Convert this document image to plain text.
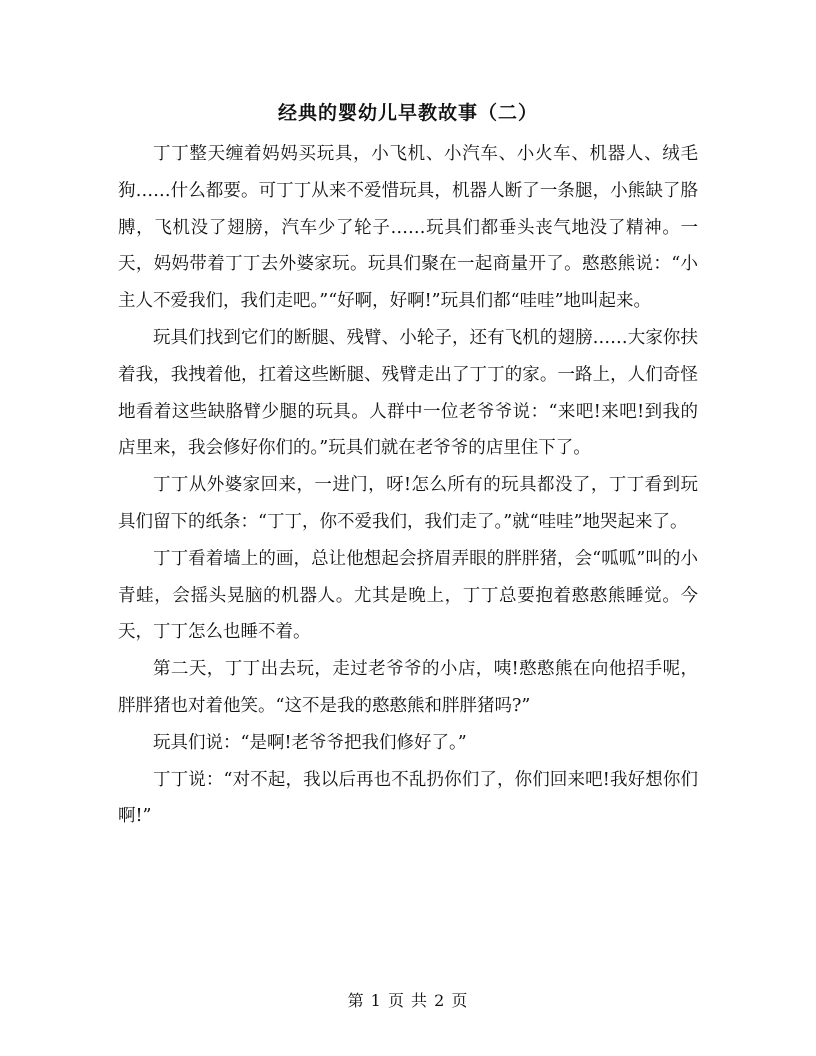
经典的婴幼儿早教故事（二）

丁丁整天缠着妈妈买玩具，小飞机、小汽车、小火车、机器人、绒毛狗……什么都要。可丁丁从来不爱惜玩具，机器人断了一条腿，小熊缺了胳膊，飞机没了翅膀，汽车少了轮子……玩具们都垂头丧气地没了精神。一天，妈妈带着丁丁去外婆家玩。玩具们聚在一起商量开了。憨憨熊说：“小主人不爱我们，我们走吧。”“好啊，好啊!”玩具们都“哇哇”地叫起来。

玩具们找到它们的断腿、残臂、小轮子，还有飞机的翅膀……大家你扶着我，我拽着他，扛着这些断腿、残臂走出了丁丁的家。一路上，人们奇怪地看着这些缺胳臂少腿的玩具。人群中一位老爷爷说：“来吧!来吧!到我的店里来，我会修好你们的。”玩具们就在老爷爷的店里住下了。

丁丁从外婆家回来，一进门，呀!怎么所有的玩具都没了，丁丁看到玩具们留下的纸条：“丁丁，你不爱我们，我们走了。”就“哇哇”地哭起来了。

丁丁看着墙上的画，总让他想起会挤眉弄眼的胖胖猪，会“呱呱”叫的小青蛙，会摇头晃脑的机器人。尤其是晚上，丁丁总要抱着憨憨熊睡觉。今天，丁丁怎么也睡不着。

第二天，丁丁出去玩，走过老爷爷的小店，咦!憨憨熊在向他招手呢，胖胖猪也对着他笑。“这不是我的憨憨熊和胖胖猪吗?”

玩具们说：“是啊!老爷爷把我们修好了。”

丁丁说：“对不起，我以后再也不乱扔你们了，你们回来吧!我好想你们啊!”

第 1 页 共 2 页
